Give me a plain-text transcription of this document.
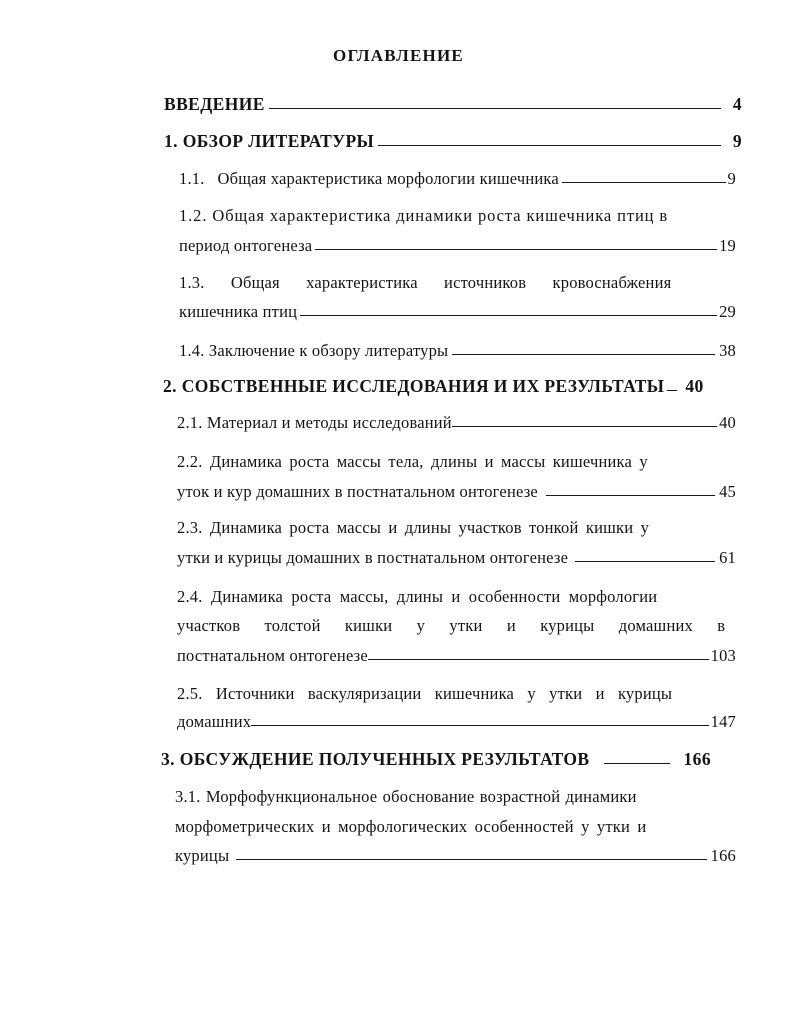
ОГЛАВЛЕНИЕ
ВВЕДЕНИЕ	4
1. ОБЗОР ЛИТЕРАТУРЫ	9
1.1.   Общая характеристика морфологии кишечника	9
1.2. Общая характеристика динамики роста кишечника птиц в
период онтогенеза	19
1.3. Общая характеристика источников кровоснабжения
кишечника птиц	29
1.4. Заключение к обзору литературы	38
2. СОБСТВЕННЫЕ ИССЛЕДОВАНИЯ И ИХ РЕЗУЛЬТАТЫ 40
2.1. Материал и методы исследований	40
2.2. Динамика роста массы тела, длины и массы кишечника у
уток и кур домашних в постнатальном онтогенезе	45
2.3. Динамика роста массы и длины участков тонкой кишки у
утки и курицы домашних в постнатальном онтогенезе	61
2.4. Динамика роста массы, длины и особенности морфологии
участков толстой кишки у утки и курицы домашних в
постнатальном онтогенезе	103
2.5. Источники васкуляризации кишечника у утки и курицы
домашних	147
3. ОБСУЖДЕНИЕ ПОЛУЧЕННЫХ РЕЗУЛЬТАТОВ	166
3.1. Морфофункциональное обоснование возрастной динамики
морфометрических и морфологических особенностей у утки и
курицы	166
